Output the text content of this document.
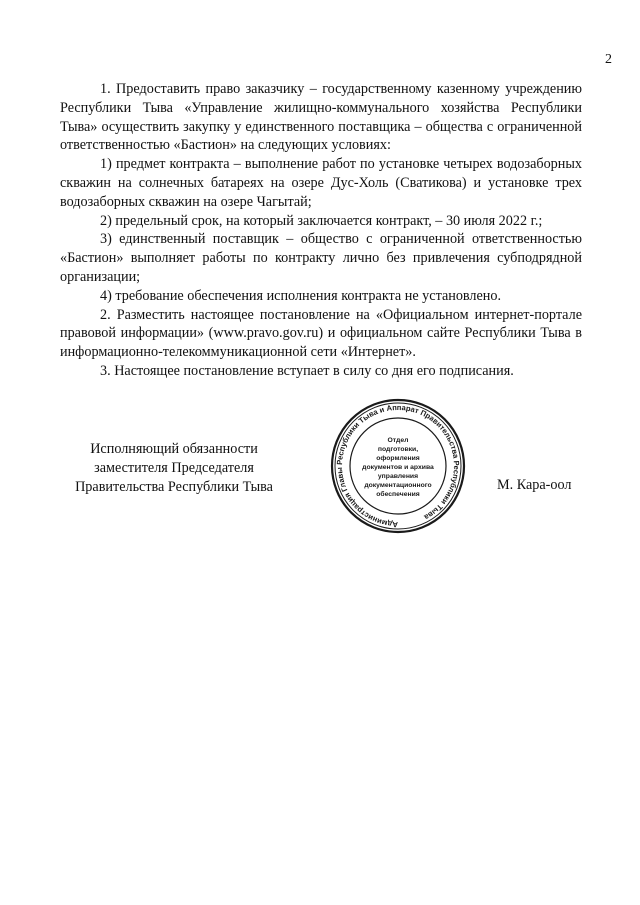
2

1. Предоставить право заказчику – государственному казенному учреждению Республики Тыва «Управление жилищно-коммунального хозяйства Республики Тыва» осуществить закупку у единственного поставщика – общества с ограниченной ответственностью «Бастион» на следующих условиях:

1) предмет контракта – выполнение работ по установке четырех водозаборных скважин на солнечных батареях на озере Дус-Холь (Сватикова) и установке трех водозаборных скважин на озере Чагытай;

2) предельный срок, на который заключается контракт, – 30 июля 2022 г.;

3) единственный поставщик – общество с ограниченной ответственностью «Бастион» выполняет работы по контракту лично без привлечения субподрядной организации;

4) требование обеспечения исполнения контракта не установлено.

2. Разместить настоящее постановление на «Официальном интернет-портале правовой информации» (www.pravo.gov.ru) и официальном сайте Республики Тыва в информационно-телекоммуникационной сети «Интернет».

3. Настоящее постановление вступает в силу со дня его подписания.

Исполняющий обязанности
заместителя Председателя
Правительства Республики Тыва
Администрация Главы Республики Тыва и Аппарат Правительства Республики Тыва
Отдел
подготовки,
оформления
документов и архива
управления
документационного
обеспечения
М. Кара-оол
